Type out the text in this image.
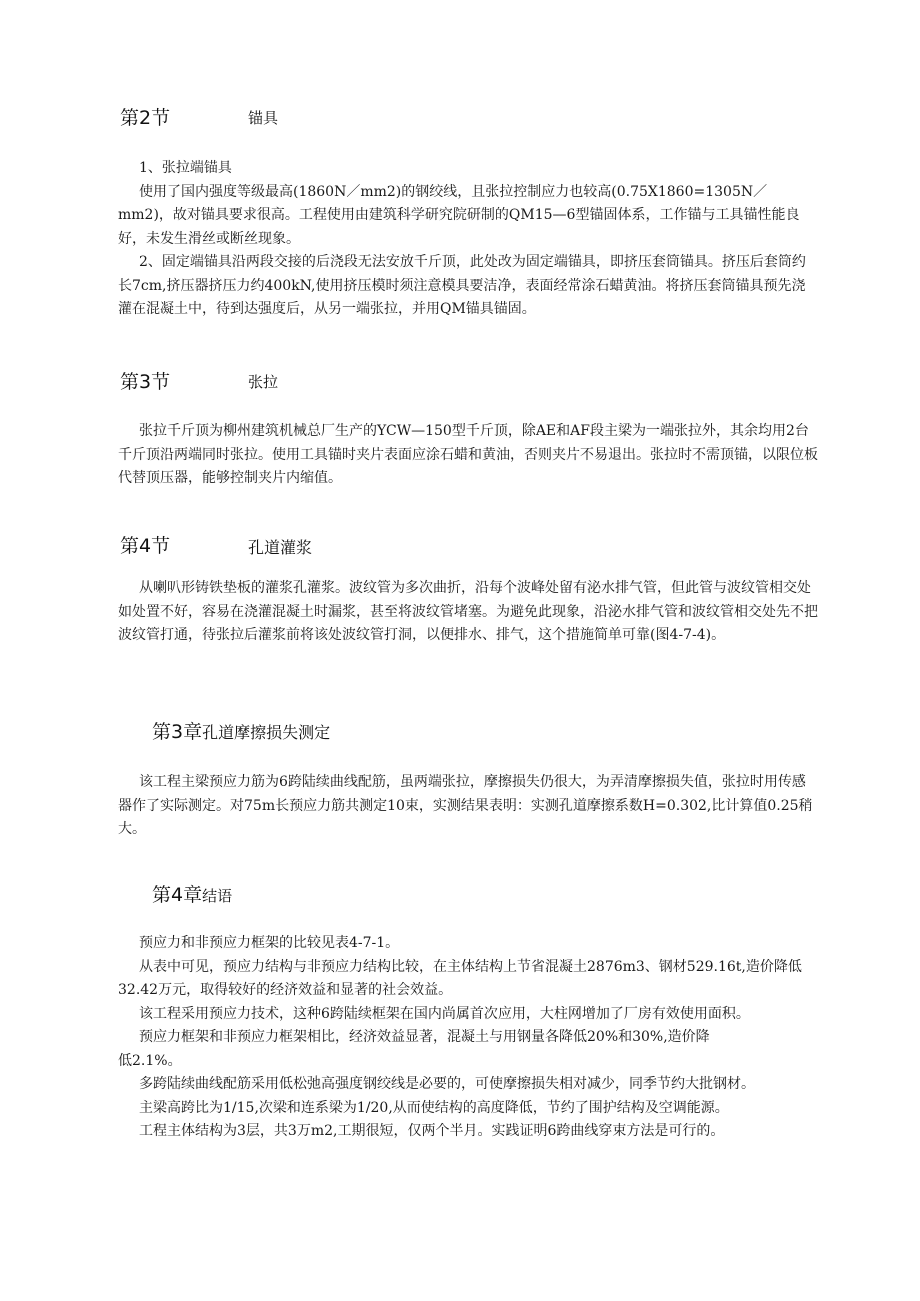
第2节	锚具

1、张拉端锚具

使用了国内强度等级最高(1860N／mm2)的钢绞线，且张拉控制应力也较高(0.75X1860=1305N／mm2)，故对锚具要求很高。工程使用由建筑科学研究院研制的QM15—6型锚固体系，工作锚与工具锚性能良好，未发生滑丝或断丝现象。

2、固定端锚具沿两段交接的后浇段无法安放千斤顶，此处改为固定端锚具，即挤压套筒锚具。挤压后套筒约长7cm,挤压器挤压力约400kN,使用挤压模时须注意模具要洁净，表面经常涂石蜡黄油。将挤压套筒锚具预先浇灌在混凝土中，待到达强度后，从另一端张拉，并用QM锚具锚固。

第3节	张拉

张拉千斤顶为柳州建筑机械总厂生产的YCW—150型千斤顶，除AE和AF段主梁为一端张拉外，其余均用2台千斤顶沿两端同时张拉。使用工具锚时夹片表面应涂石蜡和黄油，否则夹片不易退出。张拉时不需顶锚，以限位板代替顶压器，能够控制夹片内缩值。

第4节	孔道灌浆

从喇叭形铸铁垫板的灌浆孔灌浆。波纹管为多次曲折，沿每个波峰处留有泌水排气管，但此管与波纹管相交处如处置不好，容易在浇灌混凝土时漏浆，甚至将波纹管堵塞。为避免此现象，沿泌水排气管和波纹管相交处先不把波纹管打通，待张拉后灌浆前将该处波纹管打洞，以便排水、排气，这个措施简单可靠(图4-7-4)。

第3章孔道摩擦损失测定

该工程主梁预应力筋为6跨陆续曲线配筋，虽两端张拉，摩擦损失仍很大，为弄清摩擦损失值，张拉时用传感器作了实际测定。对75m长预应力筋共测定10束，实测结果表明：实测孔道摩擦系数H=0.302,比计算值0.25稍大。

第4章结语

预应力和非预应力框架的比较见表4-7-1。

从表中可见，预应力结构与非预应力结构比较，在主体结构上节省混凝土2876m3、钢材529.16t,造价降低32.42万元，取得较好的经济效益和显著的社会效益。

该工程采用预应力技术，这种6跨陆续框架在国内尚属首次应用，大柱网增加了厂房有效使用面积。

预应力框架和非预应力框架相比，经济效益显著，混凝土与用钢量各降低20%和30%,造价降

低2.1%。

多跨陆续曲线配筋采用低松弛高强度钢绞线是必要的，可使摩擦损失相对减少，同季节约大批钢材。

主梁高跨比为1/15,次梁和连系梁为1/20,从而使结构的高度降低，节约了围护结构及空调能源。

工程主体结构为3层，共3万m2,工期很短，仅两个半月。实践证明6跨曲线穿束方法是可行的。
